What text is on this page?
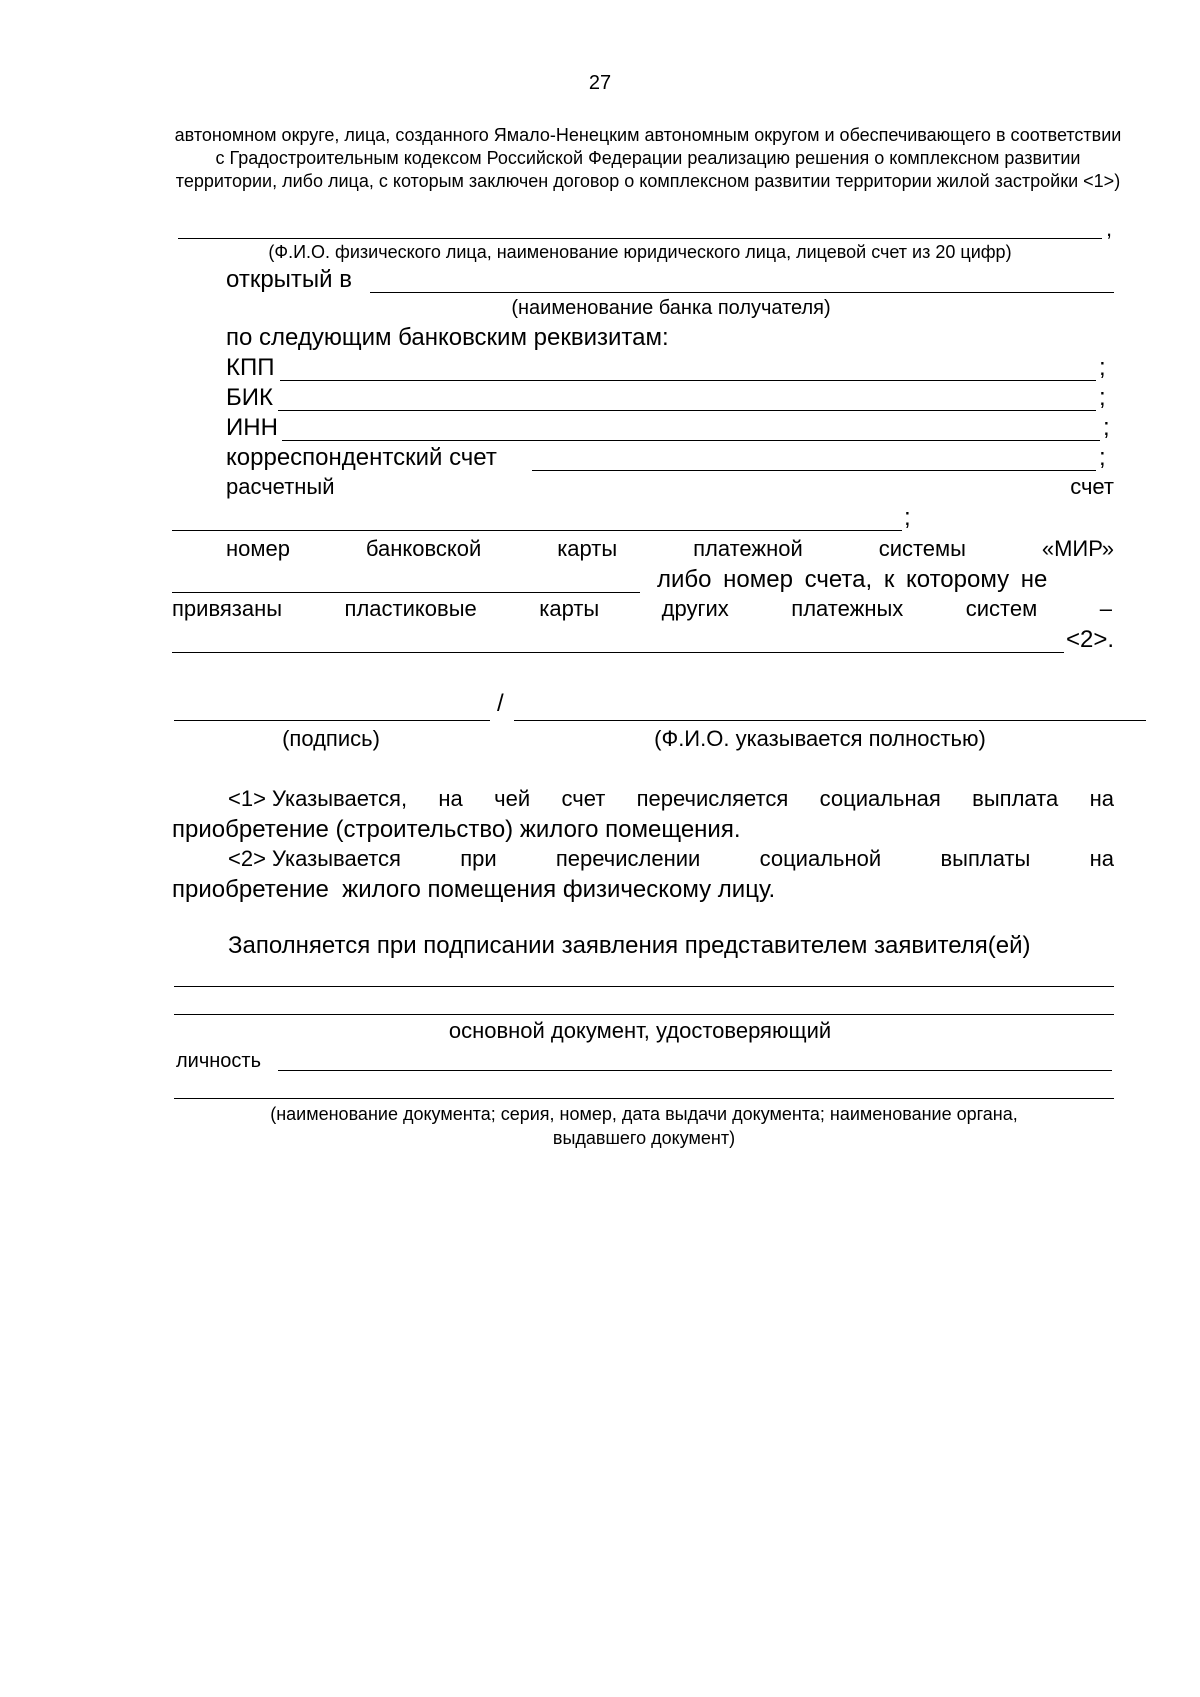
27
автономном округе, лица, созданного Ямало-Ненецким автономным округом и обеспечивающего в соответствии с Градостроительным кодексом Российской Федерации реализацию решения о комплексном развитии территории, либо лица, с которым заключен договор о комплексном развитии территории жилой застройки <1>)
,
(Ф.И.О. физического лица, наименование юридического лица, лицевой счет из 20 цифр)
открытый в
(наименование банка получателя)
по следующим банковским реквизитам:
КПП	;
БИК	;
ИНН	;
корреспондентский счет	;
расчетный	счет
;
номер	банковской	карты	платежной	системы	«МИР»
либо номер счета, к которому не
привязаны	пластиковые	карты	других	платежных	систем	–
<2>.
/
(подпись)	(Ф.И.О. указывается полностью)
<1> Указывается, на чей счет перечисляется социальная выплата на
приобретение (строительство) жилого помещения.
<2> Указывается	при	перечислении	социальной	выплаты	на
приобретение  жилого помещения физическому лицу.
Заполняется при подписании заявления представителем заявителя(ей)
основной документ, удостоверяющий
личность
(наименование документа; серия, номер, дата выдачи документа; наименование органа,
выдавшего документ)
